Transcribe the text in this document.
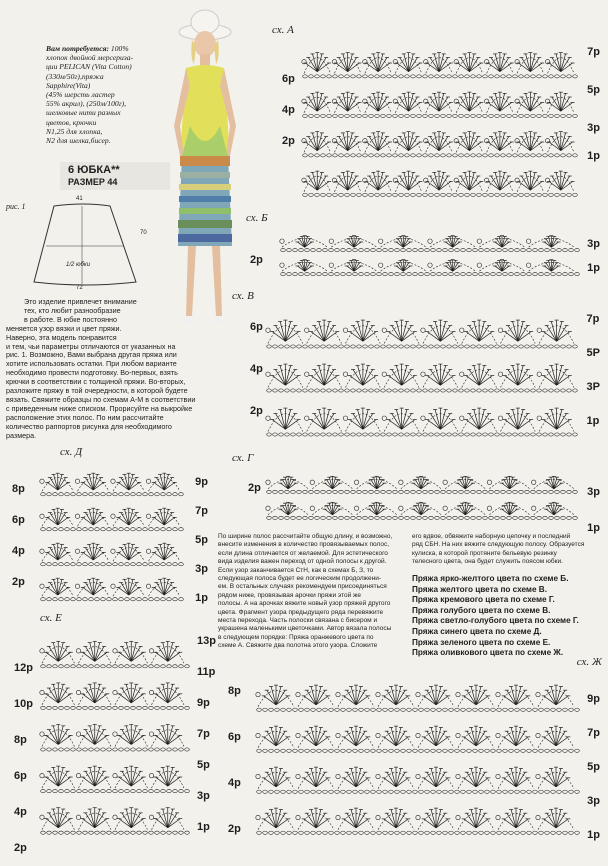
Вам потребуется: 100%
хлопок двойной мерсериза-
ции PELICAN (Vita Cotton)
(330м/50г),пряжа
Sapphire(Vita)
(45% шерсть ластер
55% акрил), (250м/100г),
шелковые нити разных
цветов, крючки
N1,25 для хлопка,
N2 для шелка,бисер.
6 ЮБКА**
РАЗМЕР 44
рис. 1
41
70
1/2 юбки
72
Это изделие привлечет внимание
тех, кто любит разнообразие
в работе. В юбке постоянно
меняется узор вязки и цвет пряжи.
Наверно, эта модель понравится
и тем, чьи параметры отличаются от указанных на
рис. 1. Возможно, Вами выбрана другая пряжа или
хотите использовать остатки. При любом варианте
необходимо провести подготовку. Во-первых, взять
крючки в соответствии с толщиной пряжи. Во-вторых,
разложите пряжу в той очередности, в которой будете
вязать. Свяжите образцы по схемам А-М в соответствии
с приведенным ниже списком. Прорисуйте на выкройке
расположение этих полос. По ним рассчитайте
количество раппортов рисунка для необходимого
размера.
По ширине полос рассчитайте общую длину, и возможно,
внесите изменения в количество провязываемых полос,
если длина отличается от желаемой. Для эстетического
вида изделия важен переход от одной полосы к другой.
Если узор заканчивается СтН, как в схемах Б, З, то
следующая полоса будет ее логическим продолжени-
ем. В остальных случаях рекомендуем присоединяться
рядом ниже, провязывая арочки пряжи этой же
полосы. А на арочках вяжите новый узор пряжей другого
цвета. Фрагмент узора предыдущего ряда перевяжите
места перехода. Часть полоски связана с бисером и
украшена маленькими цветочками. Автор вязала полосы
в следующем порядке: Пряжа оранжевого цвета по
схеме А. Свяжите два полотна этого узора. Сложите
его вдвое, обвяжите наборную цепочку и последний
ряд СБН. На них вяжите следующую полосу. Образуется
кулиска, в которой протяните бельевую резинку
телесного цвета, она будет служить поясом юбки.
Пряжа ярко-желтого цвета по схеме Б.
Пряжа желтого цвета по схеме В.
Пряжа кремового цвета по схеме Г.
Пряжа голубого цвета по схеме В.
Пряжа светло-голубого цвета по схеме Г.
Пряжа синего цвета по схеме Д.
Пряжа зеленого цвета по схеме Е.
Пряжа оливкового цвета по схеме Ж.
сх. А
6р
4р
2р
7р
5р
3р
1р
сх. Б
2р
3р
1р
сх. В
6р
4р
2р
7р
5Р
3Р
1р
сх. Г
2р	3р
1р
сх. Д
8р
6р
4р
2р
9р
7р
5р
3р
1р
сх. Е
12р
10р
8р
6р
4р
2р
13р
11р
9р
7р
5р
3р
1р
сх. Ж
8р
6р
4р
2р
9р
7р
5р
3р
1р
